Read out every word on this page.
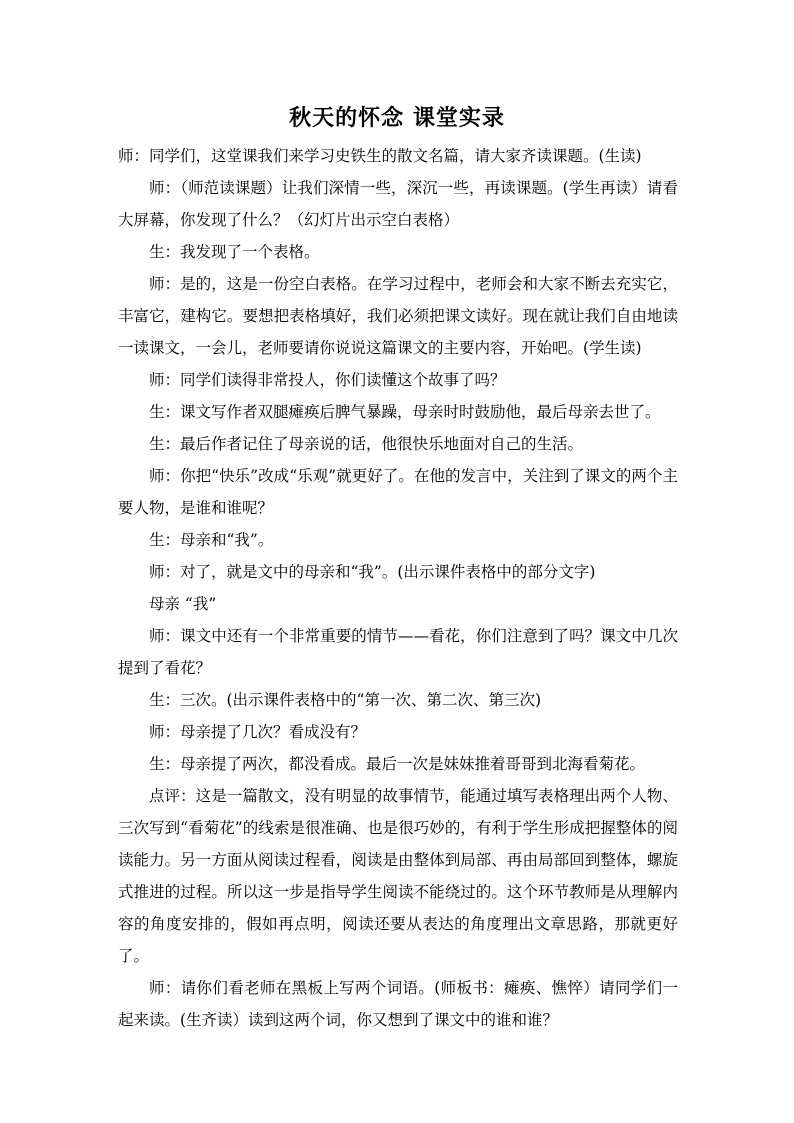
秋天的怀念 课堂实录

师：同学们，这堂课我们来学习史铁生的散文名篇，请大家齐读课题。(生读)

师：（师范读课题）让我们深情一些，深沉一些，再读课题。(学生再读）请看大屏幕，你发现了什么？（幻灯片出示空白表格）

生：我发现了一个表格。

师：是的，这是一份空白表格。在学习过程中，老师会和大家不断去充实它，丰富它，建构它。要想把表格填好，我们必须把课文读好。现在就让我们自由地读一读课文，一会儿，老师要请你说说这篇课文的主要内容，开始吧。(学生读)

师：同学们读得非常投人，你们读懂这个故事了吗？

生：课文写作者双腿瘫痪后脾气暴躁，母亲时时鼓励他，最后母亲去世了。

生：最后作者记住了母亲说的话，他很快乐地面对自己的生活。

师：你把“快乐”改成“乐观”就更好了。在他的发言中，关注到了课文的两个主要人物，是谁和谁呢？

生：母亲和“我”。

师：对了，就是文中的母亲和“我”。(出示课件表格中的部分文字)

母亲 “我”

师：课文中还有一个非常重要的情节——看花，你们注意到了吗？课文中几次提到了看花？

生：三次。(出示课件表格中的“第一次、第二次、第三次)

师：母亲提了几次？看成没有？

生：母亲提了两次，都没看成。最后一次是妹妹推着哥哥到北海看菊花。

点评：这是一篇散文，没有明显的故事情节，能通过填写表格理出两个人物、三次写到“看菊花”的线索是很准确、也是很巧妙的，有利于学生形成把握整体的阅读能力。另一方面从阅读过程看，阅读是由整体到局部、再由局部回到整体，螺旋式推进的过程。所以这一步是指导学生阅读不能绕过的。这个环节教师是从理解内容的角度安排的，假如再点明，阅读还要从表达的角度理出文章思路，那就更好了。

师：请你们看老师在黑板上写两个词语。(师板书：瘫痪、憔悴）请同学们一起来读。(生齐读）读到这两个词，你又想到了课文中的谁和谁？
